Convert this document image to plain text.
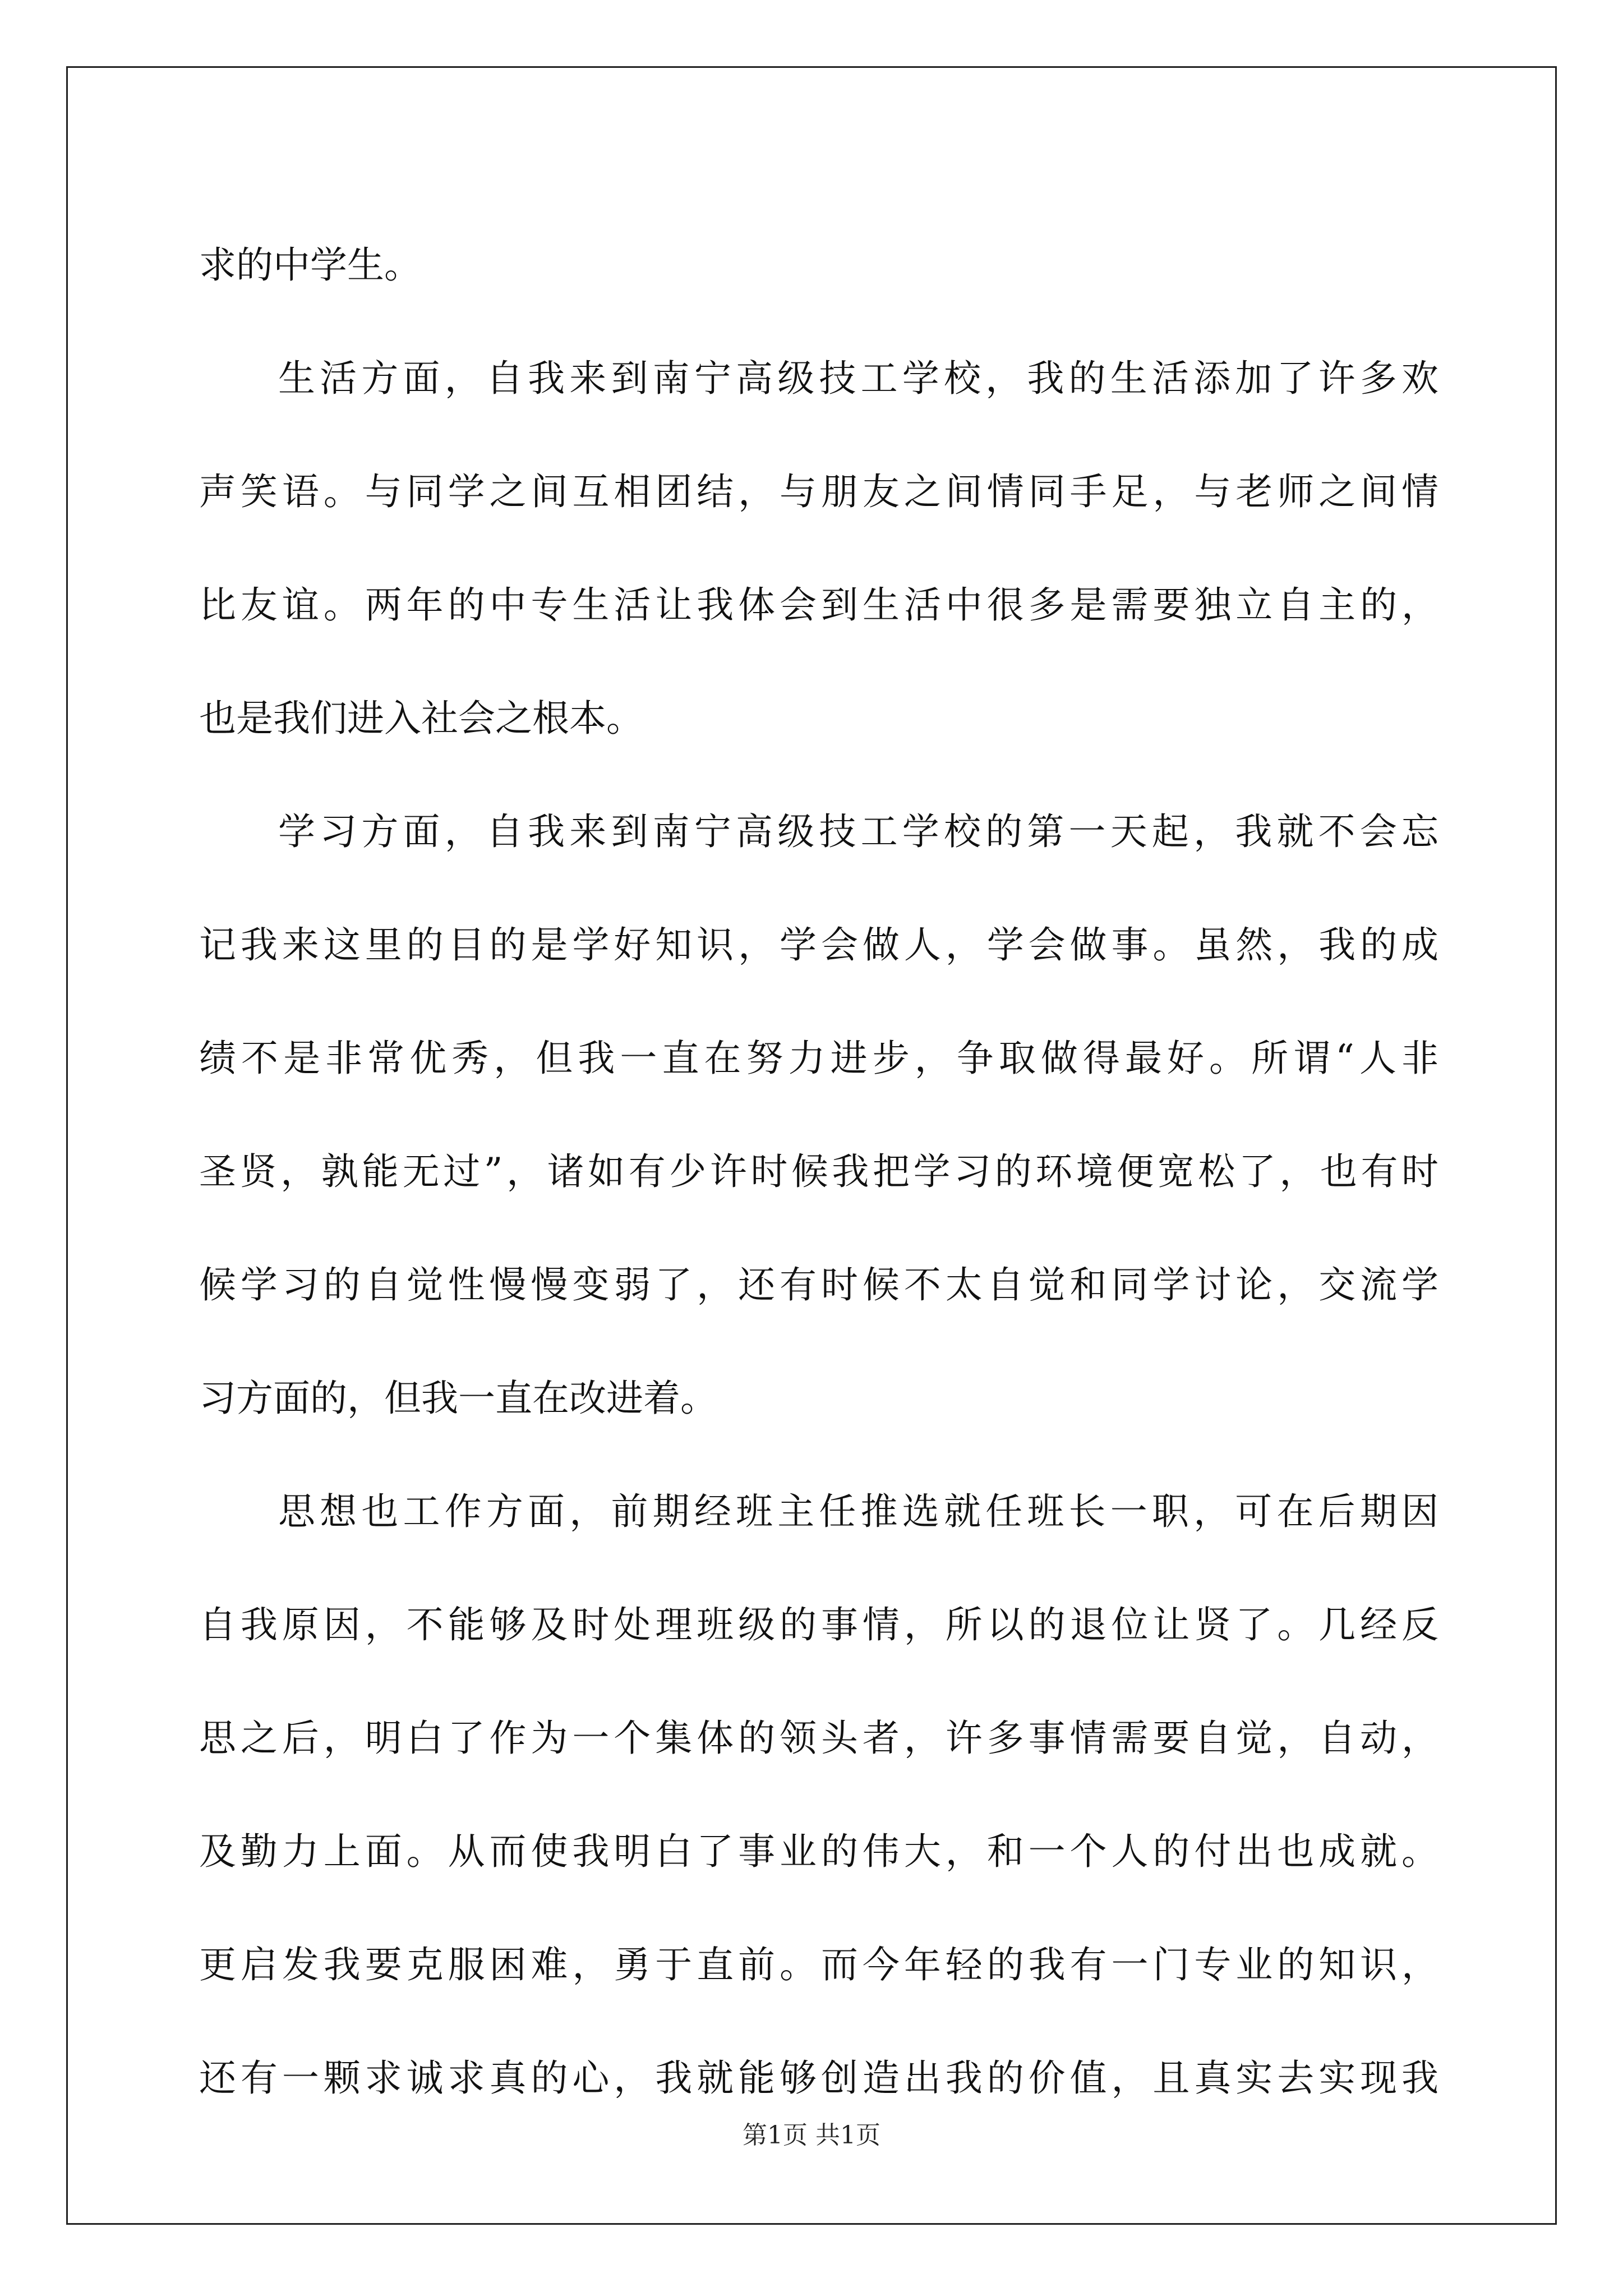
求的中学生。
生活方面，自我来到南宁高级技工学校，我的生活添加了许多欢
声笑语。与同学之间互相团结，与朋友之间情同手足，与老师之间情
比友谊。两年的中专生活让我体会到生活中很多是需要独立自主的，
也是我们进入社会之根本。
学习方面，自我来到南宁高级技工学校的第一天起，我就不会忘
记我来这里的目的是学好知识，学会做人，学会做事。虽然，我的成
绩不是非常优秀，但我一直在努力进步，争取做得最好。所谓“人非
圣贤，孰能无过”，诸如有少许时候我把学习的环境便宽松了，也有时
候学习的自觉性慢慢变弱了，还有时候不太自觉和同学讨论，交流学
习方面的，但我一直在改进着。
思想也工作方面，前期经班主任推选就任班长一职，可在后期因
自我原因，不能够及时处理班级的事情，所以的退位让贤了。几经反
思之后，明白了作为一个集体的领头者，许多事情需要自觉，自动，
及勤力上面。从而使我明白了事业的伟大，和一个人的付出也成就。
更启发我要克服困难，勇于直前。而今年轻的我有一门专业的知识，
还有一颗求诚求真的心，我就能够创造出我的价值，且真实去实现我
第1页 共1页
